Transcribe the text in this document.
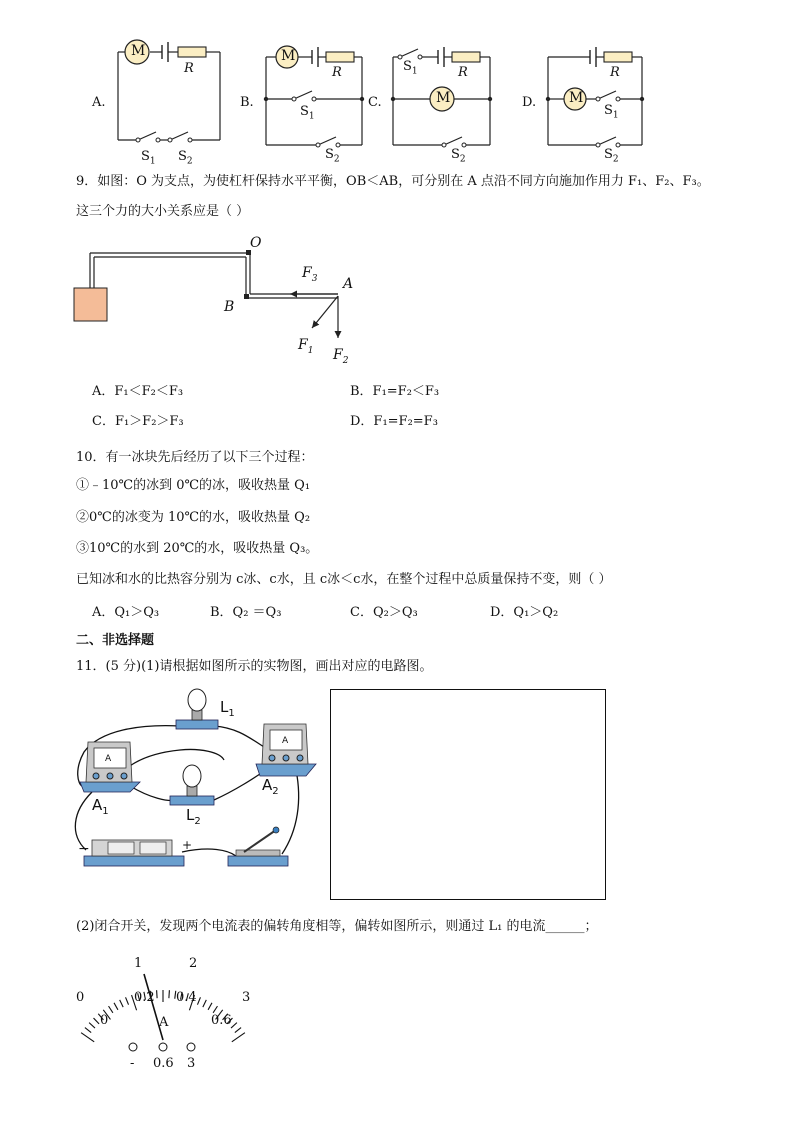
A.	B.	C.	D.
M
R
$S_1$ $S_2$
M
R
$S_1$
$S_2$
M
R
$S_1$
$S_2$
M
R
$S_1$
$S_2$
9．如图：O 为支点，为使杠杆保持水平平衡，OB＜AB，可分别在 A 点沿不同方向施加作用力 F₁、F₂、F₃。
这三个力的大小关系应是（ ）
O
B
A
$F_3$
$F_1$ $F_2$
A．F₁＜F₂＜F₃	B．F₁=F₂＜F₃
C．F₁＞F₂＞F₃	D．F₁=F₂=F₃
10．有一冰块先后经历了以下三个过程：
①﹣10℃的冰到 0℃的冰，吸收热量 Q₁
②0℃的冰变为 10℃的水，吸收热量 Q₂
③10℃的水到 20℃的水，吸收热量 Q₃。
已知冰和水的比热容分别为 c冰、c水，且 c冰＜c水，在整个过程中总质量保持不变，则（ ）
A．Q₁＞Q₃	B．Q₂ ＝Q₃	C．Q₂＞Q₃	D．Q₁＞Q₂
二、非选择题
11．(5 分)(1)请根据如图所示的实物图，画出对应的电路图。
$L_1$
$L_2$
$A_1$
$A_2$
A
A
−	+
(2)闭合开关，发现两个电流表的偏转角度相等，偏转如图所示，则通过 L₁ 的电流______；
0
1	2
3
0
0.2 0.4
0.6
A
- 0.6 3
